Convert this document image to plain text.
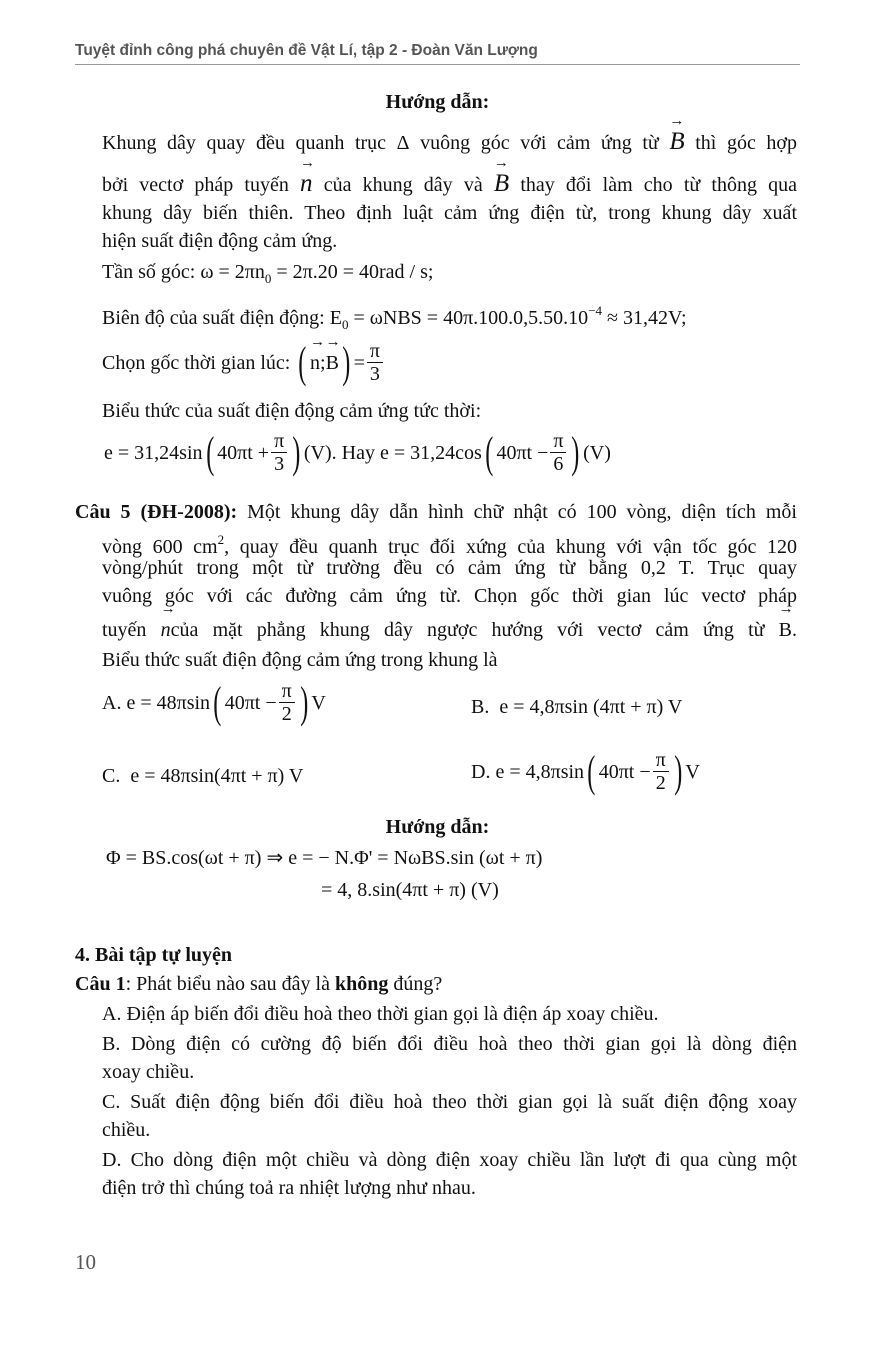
Tuyệt đỉnh công phá chuyên đề Vật Lí, tập 2 - Đoàn Văn Lượng
Hướng dẫn:
Khung dây quay đều quanh trục Δ vuông góc với cảm ứng từ → B thì góc hợp
bởi vectơ pháp tuyến → n của khung dây và → B thay đổi làm cho từ thông qua
khung dây biến thiên. Theo định luật cảm ứng điện từ, trong khung dây xuất
hiện suất điện động cảm ứng.
Tần số góc: $\omega = 2\pi n_0 = 2\pi.20 = 40rad / s$;
Biên độ của suất điện động: $E_0 = \omega NBS = 40\pi.100.0,5.50.10^{-4} \approx 31,42V$;
Chọn gốc thời gian lúc:
( → n ; → B ) = $\frac{\pi}{3}$
Biểu thức của suất điện động cảm ứng tức thời:
e = 31,24sin ( $40\pi t + \frac{\pi}{3}$ ) (V). Hay
e = 31,24cos ( $40\pi t - \frac{\pi}{6}$ ) (V)
Câu 5 (ĐH-2008): Một khung dây dẫn hình chữ nhật có 100 vòng, diện tích mỗi
vòng 600 $cm^2$, quay đều quanh trục đối xứng của khung với vận tốc góc 120
vòng/phút trong một từ trường đều có cảm ứng từ bằng 0,2 T. Trục quay
vuông góc với các đường cảm ứng từ. Chọn gốc thời gian lúc vectơ pháp
tuyến → ncủa mặt phẳng khung dây ngược hướng với vectơ cảm ứng từ → B.
Biểu thức suất điện động cảm ứng trong khung là
A.
e = 48πsin ( $40\pi t - \frac{\pi}{2}$ ) V	B. e = 4,8πsin (4πt + π) V
C. e = 48πsin(4πt + π) V	D.
e = 4,8πsin ( $40\pi t - \frac{\pi}{2}$ ) V
Hướng dẫn:
Φ = BS.cos(ωt + π) ⇒ e = − N.Φ' = NωBS.sin (ωt + π)
= 4, 8.sin(4πt + π) (V)
4. Bài tập tự luyện
Câu 1: Phát biểu nào sau đây là không đúng?
A. Điện áp biến đổi điều hoà theo thời gian gọi là điện áp xoay chiều.
B. Dòng điện có cường độ biến đổi điều hoà theo thời gian gọi là dòng điện
xoay chiều.
C. Suất điện động biến đổi điều hoà theo thời gian gọi là suất điện động xoay
chiều.
D. Cho dòng điện một chiều và dòng điện xoay chiều lần lượt đi qua cùng một
điện trở thì chúng toả ra nhiệt lượng như nhau.
10
